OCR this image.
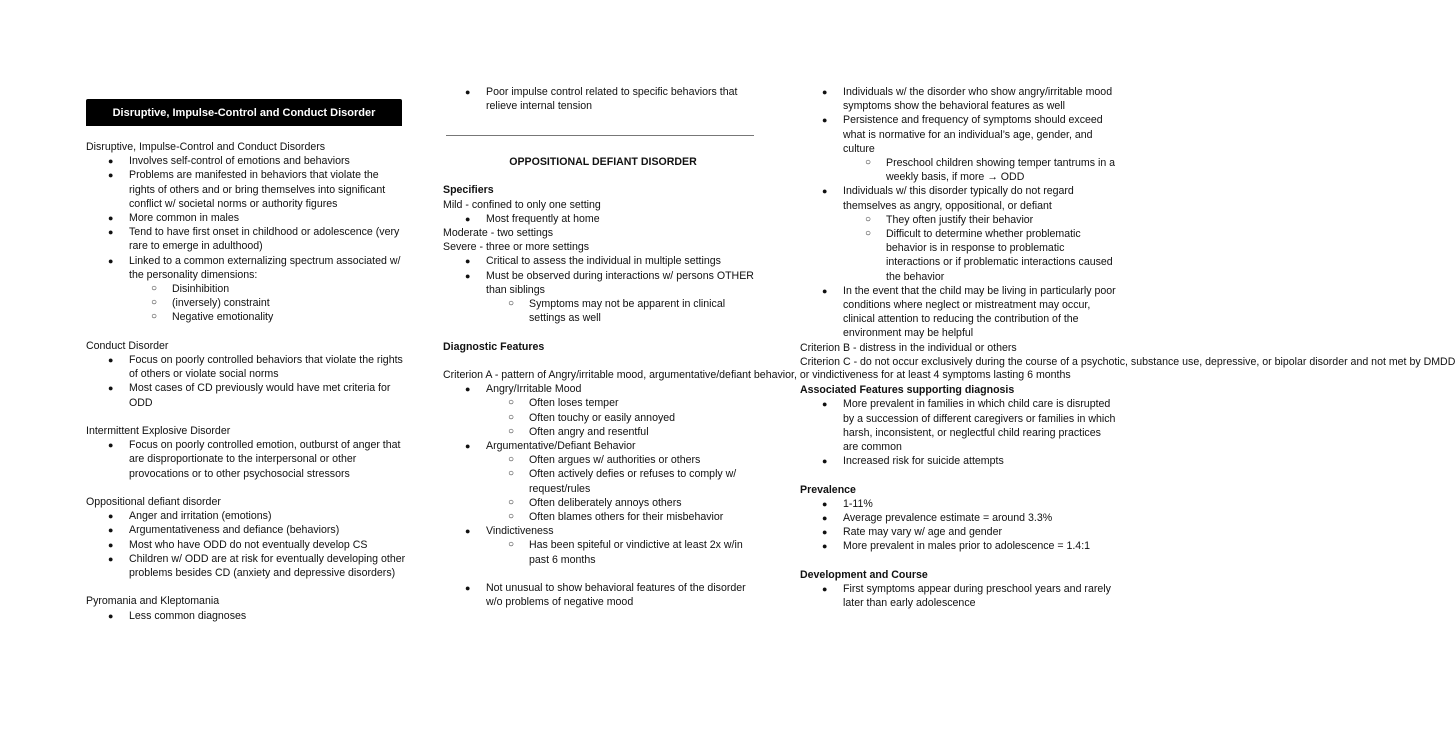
Disruptive, Impulse-Control and Conduct Disorder
Disruptive, Impulse-Control and Conduct Disorders
●	Involves self-control of emotions and behaviors
●	Problems are manifested in behaviors that violate the rights of others and or bring themselves into significant conflict w/ societal norms or authority figures
●	More common in males
●	Tend to have first onset in childhood or adolescence (very rare to emerge in adulthood)
●	Linked to a common externalizing spectrum associated w/ the personality dimensions:
○	Disinhibition
○	(inversely) constraint
○	Negative emotionality
Conduct Disorder
●	Focus on poorly controlled behaviors that violate the rights of others or violate social norms
●	Most cases of CD previously would have met criteria for ODD
Intermittent Explosive Disorder
●	Focus on poorly controlled emotion, outburst of anger that are disproportionate to the interpersonal or other provocations or to other psychosocial stressors
Oppositional defiant disorder
●	Anger and irritation (emotions)
●	Argumentativeness and defiance (behaviors)
●	Most who have ODD do not eventually develop CS
●	Children w/ ODD are at risk for eventually developing other problems besides CD (anxiety and depressive disorders)
Pyromania and Kleptomania
●	Less common diagnoses
●	Poor impulse control related to specific behaviors that relieve internal tension
OPPOSITIONAL DEFIANT DISORDER
Specifiers
Mild - confined to only one setting
●	Most frequently at home
Moderate - two settings
Severe - three or more settings
●	Critical to assess the individual in multiple settings
●	Must be observed during interactions w/ persons OTHER than siblings
○	Symptoms may not be apparent in clinical settings as well
Diagnostic Features
Criterion A - pattern of Angry/irritable mood, argumentative/defiant behavior, or vindictiveness for at least 4 symptoms lasting 6 months
●	Angry/Irritable Mood
○	Often loses temper
○	Often touchy or easily annoyed
○	Often angry and resentful
●	Argumentative/Defiant Behavior
○	Often argues w/ authorities or others
○	Often actively defies or refuses to comply w/ request/rules
○	Often deliberately annoys others
○	Often blames others for their misbehavior
●	Vindictiveness
○	Has been spiteful or vindictive at least 2x w/in past 6 months
●	Not unusual to show behavioral features of the disorder w/o problems of negative mood
●	Individuals w/ the disorder who show angry/irritable mood symptoms show the behavioral features as well
●	Persistence and frequency of symptoms should exceed what is normative for an individual’s age, gender, and culture
○	Preschool children showing temper tantrums in a weekly basis, if more → ODD
●	Individuals w/ this disorder typically do not regard themselves as angry, oppositional, or defiant
○	They often justify their behavior
○	Difficult to determine whether problematic behavior is in response to problematic interactions or if problematic interactions caused the behavior
●	In the event that the child may be living in particularly poor conditions where neglect or mistreatment may occur, clinical attention to reducing the contribution of the environment may be helpful
Criterion B - distress in the individual or others
Criterion C - do not occur exclusively during the course of a psychotic, substance use, depressive, or bipolar disorder and not met by DMDD
Associated Features supporting diagnosis
●	More prevalent in families in which child care is disrupted by a succession of different caregivers or families in which harsh, inconsistent, or neglectful child rearing practices are common
●	Increased risk for suicide attempts
Prevalence
●	1-11%
●	Average prevalence estimate = around 3.3%
●	Rate may vary w/ age and gender
●	More prevalent in males prior to adolescence = 1.4:1
Development and Course
●	First symptoms appear during preschool years and rarely later than early adolescence
